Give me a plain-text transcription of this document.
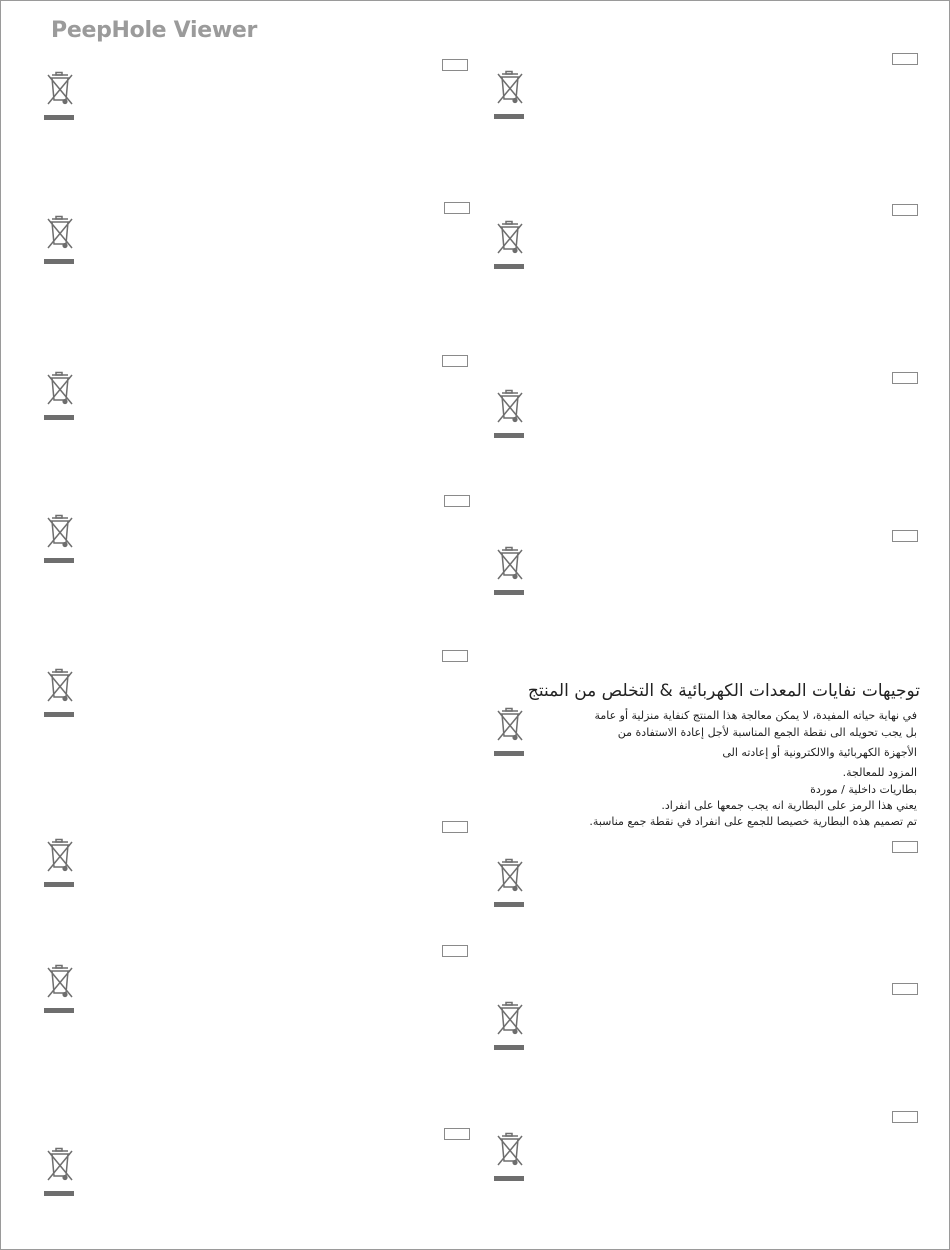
PeepHole Viewer
توجيهات نفايات المعدات الكهربائية & التخلص من المنتج
في نهاية حياته المفيدة، لا يمكن معالجة هذا المنتج كنفاية منزلية أو عامة
بل يجب تحويله الى نقطة الجمع المناسبة لأجل إعادة الاستفادة من
الأجهزة الكهربائية والالكترونية أو إعادته الى
المزود للمعالجة.
بطاريات داخلية / موردة
يعني هذا الرمز على البطارية انه يجب جمعها على انفراد.
تم تصميم هذه البطارية خصيصا للجمع على انفراد في نقطة جمع مناسبة.
